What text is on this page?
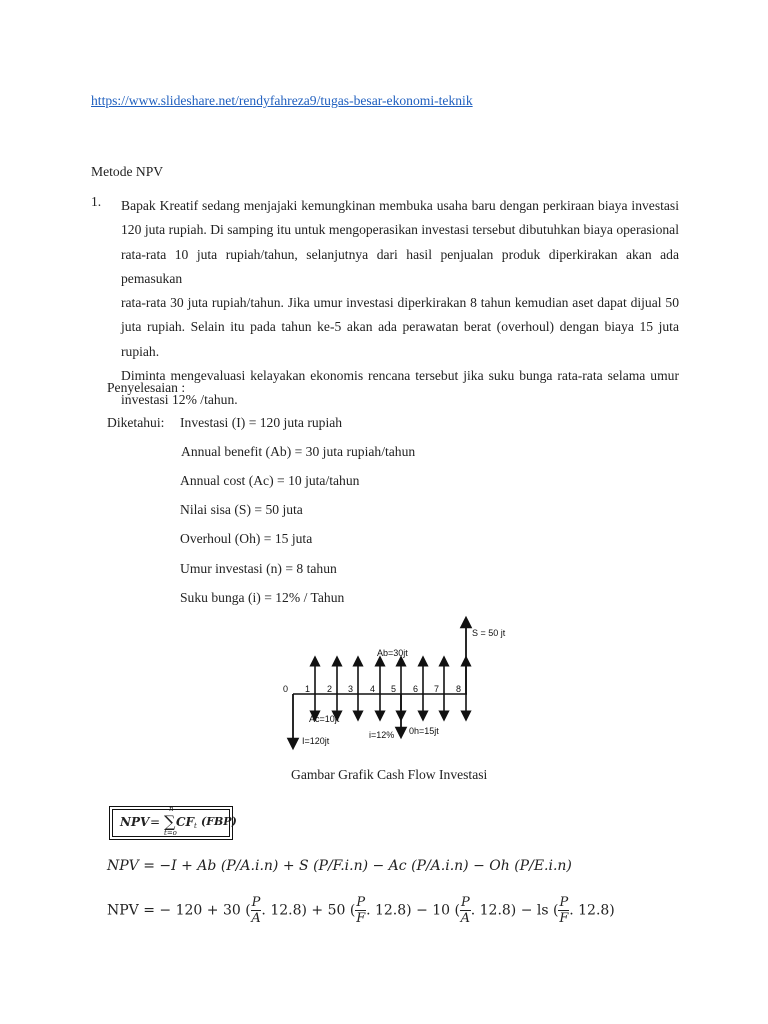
https://www.slideshare.net/rendyfahreza9/tugas-besar-ekonomi-teknik
Metode NPV
1. Bapak Kreatif sedang menjajaki kemungkinan membuka usaha baru dengan perkiraan biaya investasi
120 juta rupiah. Di samping itu untuk mengoperasikan investasi tersebut dibutuhkan biaya operasional
rata-rata 10 juta rupiah/tahun, selanjutnya dari hasil penjualan produk diperkirakan akan ada pemasukan
rata-rata 30 juta rupiah/tahun. Jika umur investasi diperkirakan 8 tahun kemudian aset dapat dijual 50
juta rupiah. Selain itu pada tahun ke-5 akan ada perawatan berat (overhoul) dengan biaya 15 juta rupiah.
Diminta mengevaluasi kelayakan ekonomis rencana tersebut jika suku bunga rata-rata selama umur
investasi 12% /tahun.
Penyelesaian :
Diketahui: Investasi (I) = 120 juta rupiah
Annual benefit (Ab) = 30 juta rupiah/tahun
Annual cost (Ac) = 10 juta/tahun
Nilai sisa (S) = 50 juta
Overhoul (Oh) = 15 juta
Umur investasi (n) = 8 tahun
Suku bunga (i) = 12% / Tahun
0 1 2 3 4 5 6 7 8
S = 50 jt
Ab=30jt
Ac=10jt
I=120jt
i=12% 0h=15jt
Gambar Grafik Cash Flow Investasi
NPV =
n
∑
t=o
CF t (FBP)
NPV = −I + Ab (P/A.i.n) + S (P/F.i.n) − Ac (P/A.i.n) − Oh (P/E.i.n)
NPV = − 120 + 30 ( $\frac{P}{A}$ . 12.8) + 50 ( $\frac{P}{F}$ . 12.8) − 10 ( $\frac{P}{A}$ . 12.8) − ls ( $\frac{P}{F}$ . 12.8)
